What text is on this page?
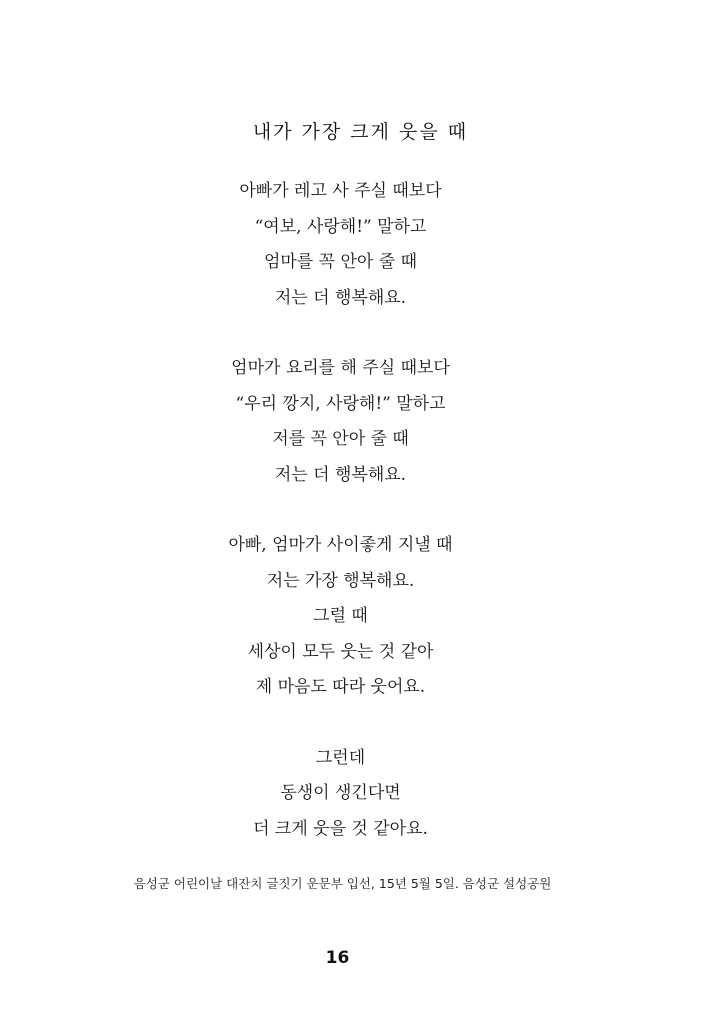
내가 가장 크게 웃을 때
아빠가 레고 사 주실 때보다
“여보, 사랑해!” 말하고
엄마를 꼭 안아 줄 때
저는 더 행복해요.
엄마가 요리를 해 주실 때보다
“우리 깡지, 사랑해!” 말하고
저를 꼭 안아 줄 때
저는 더 행복해요.
아빠, 엄마가 사이좋게 지낼 때
저는 가장 행복해요.
그럴 때
세상이 모두 웃는 것 같아
제 마음도 따라 웃어요.
그런데
동생이 생긴다면
더 크게 웃을 것 같아요.
음성군 어린이날 대잔치 글짓기 운문부 입선, 15년 5월 5일. 음성군 설성공원
16
